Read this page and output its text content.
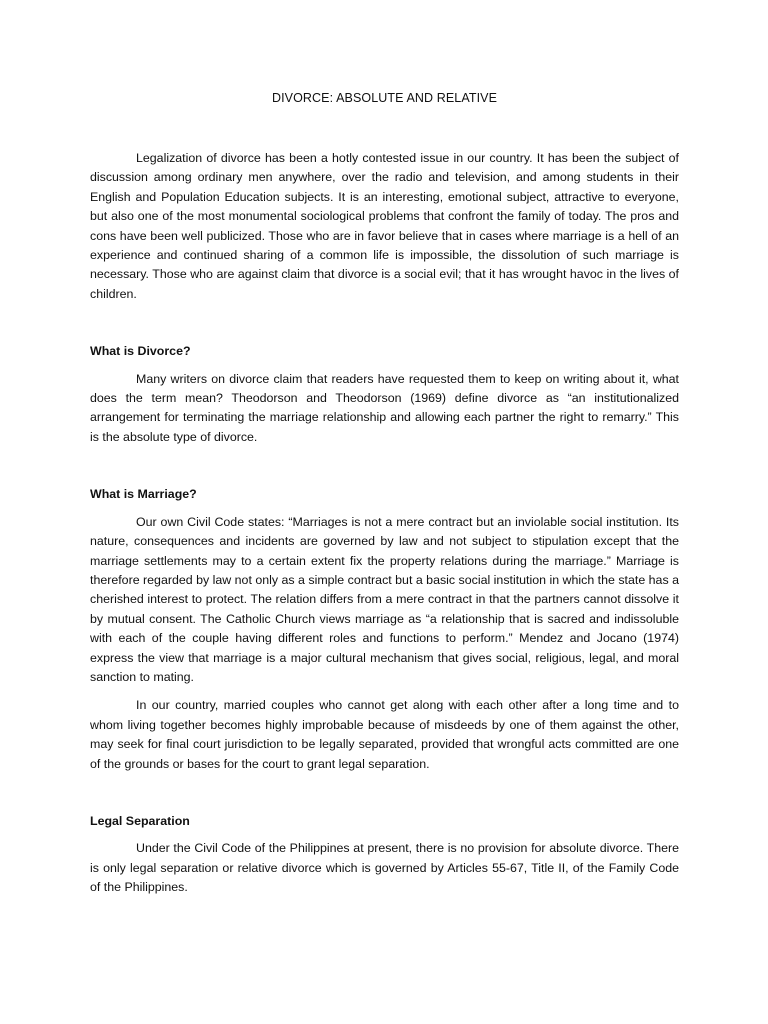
DIVORCE: ABSOLUTE AND RELATIVE

Legalization of divorce has been a hotly contested issue in our country. It has been the subject of discussion among ordinary men anywhere, over the radio and television, and among students in their English and Population Education subjects. It is an interesting, emotional subject, attractive to everyone, but also one of the most monumental sociological problems that confront the family of today. The pros and cons have been well publicized. Those who are in favor believe that in cases where marriage is a hell of an experience and continued sharing of a common life is impossible, the dissolution of such marriage is necessary. Those who are against claim that divorce is a social evil; that it has wrought havoc in the lives of children.

What is Divorce?

Many writers on divorce claim that readers have requested them to keep on writing about it, what does the term mean? Theodorson and Theodorson (1969) define divorce as “an institutionalized arrangement for terminating the marriage relationship and allowing each partner the right to remarry.” This is the absolute type of divorce.

What is Marriage?

Our own Civil Code states: “Marriages is not a mere contract but an inviolable social institution. Its nature, consequences and incidents are governed by law and not subject to stipulation except that the marriage settlements may to a certain extent fix the property relations during the marriage.” Marriage is therefore regarded by law not only as a simple contract but a basic social institution in which the state has a cherished interest to protect. The relation differs from a mere contract in that the partners cannot dissolve it by mutual consent. The Catholic Church views marriage as “a relationship that is sacred and indissoluble with each of the couple having different roles and functions to perform.” Mendez and Jocano (1974) express the view that marriage is a major cultural mechanism that gives social, religious, legal, and moral sanction to mating.

In our country, married couples who cannot get along with each other after a long time and to whom living together becomes highly improbable because of misdeeds by one of them against the other, may seek for final court jurisdiction to be legally separated, provided that wrongful acts committed are one of the grounds or bases for the court to grant legal separation.

Legal Separation

Under the Civil Code of the Philippines at present, there is no provision for absolute divorce. There is only legal separation or relative divorce which is governed by Articles 55-67, Title II, of the Family Code of the Philippines.
